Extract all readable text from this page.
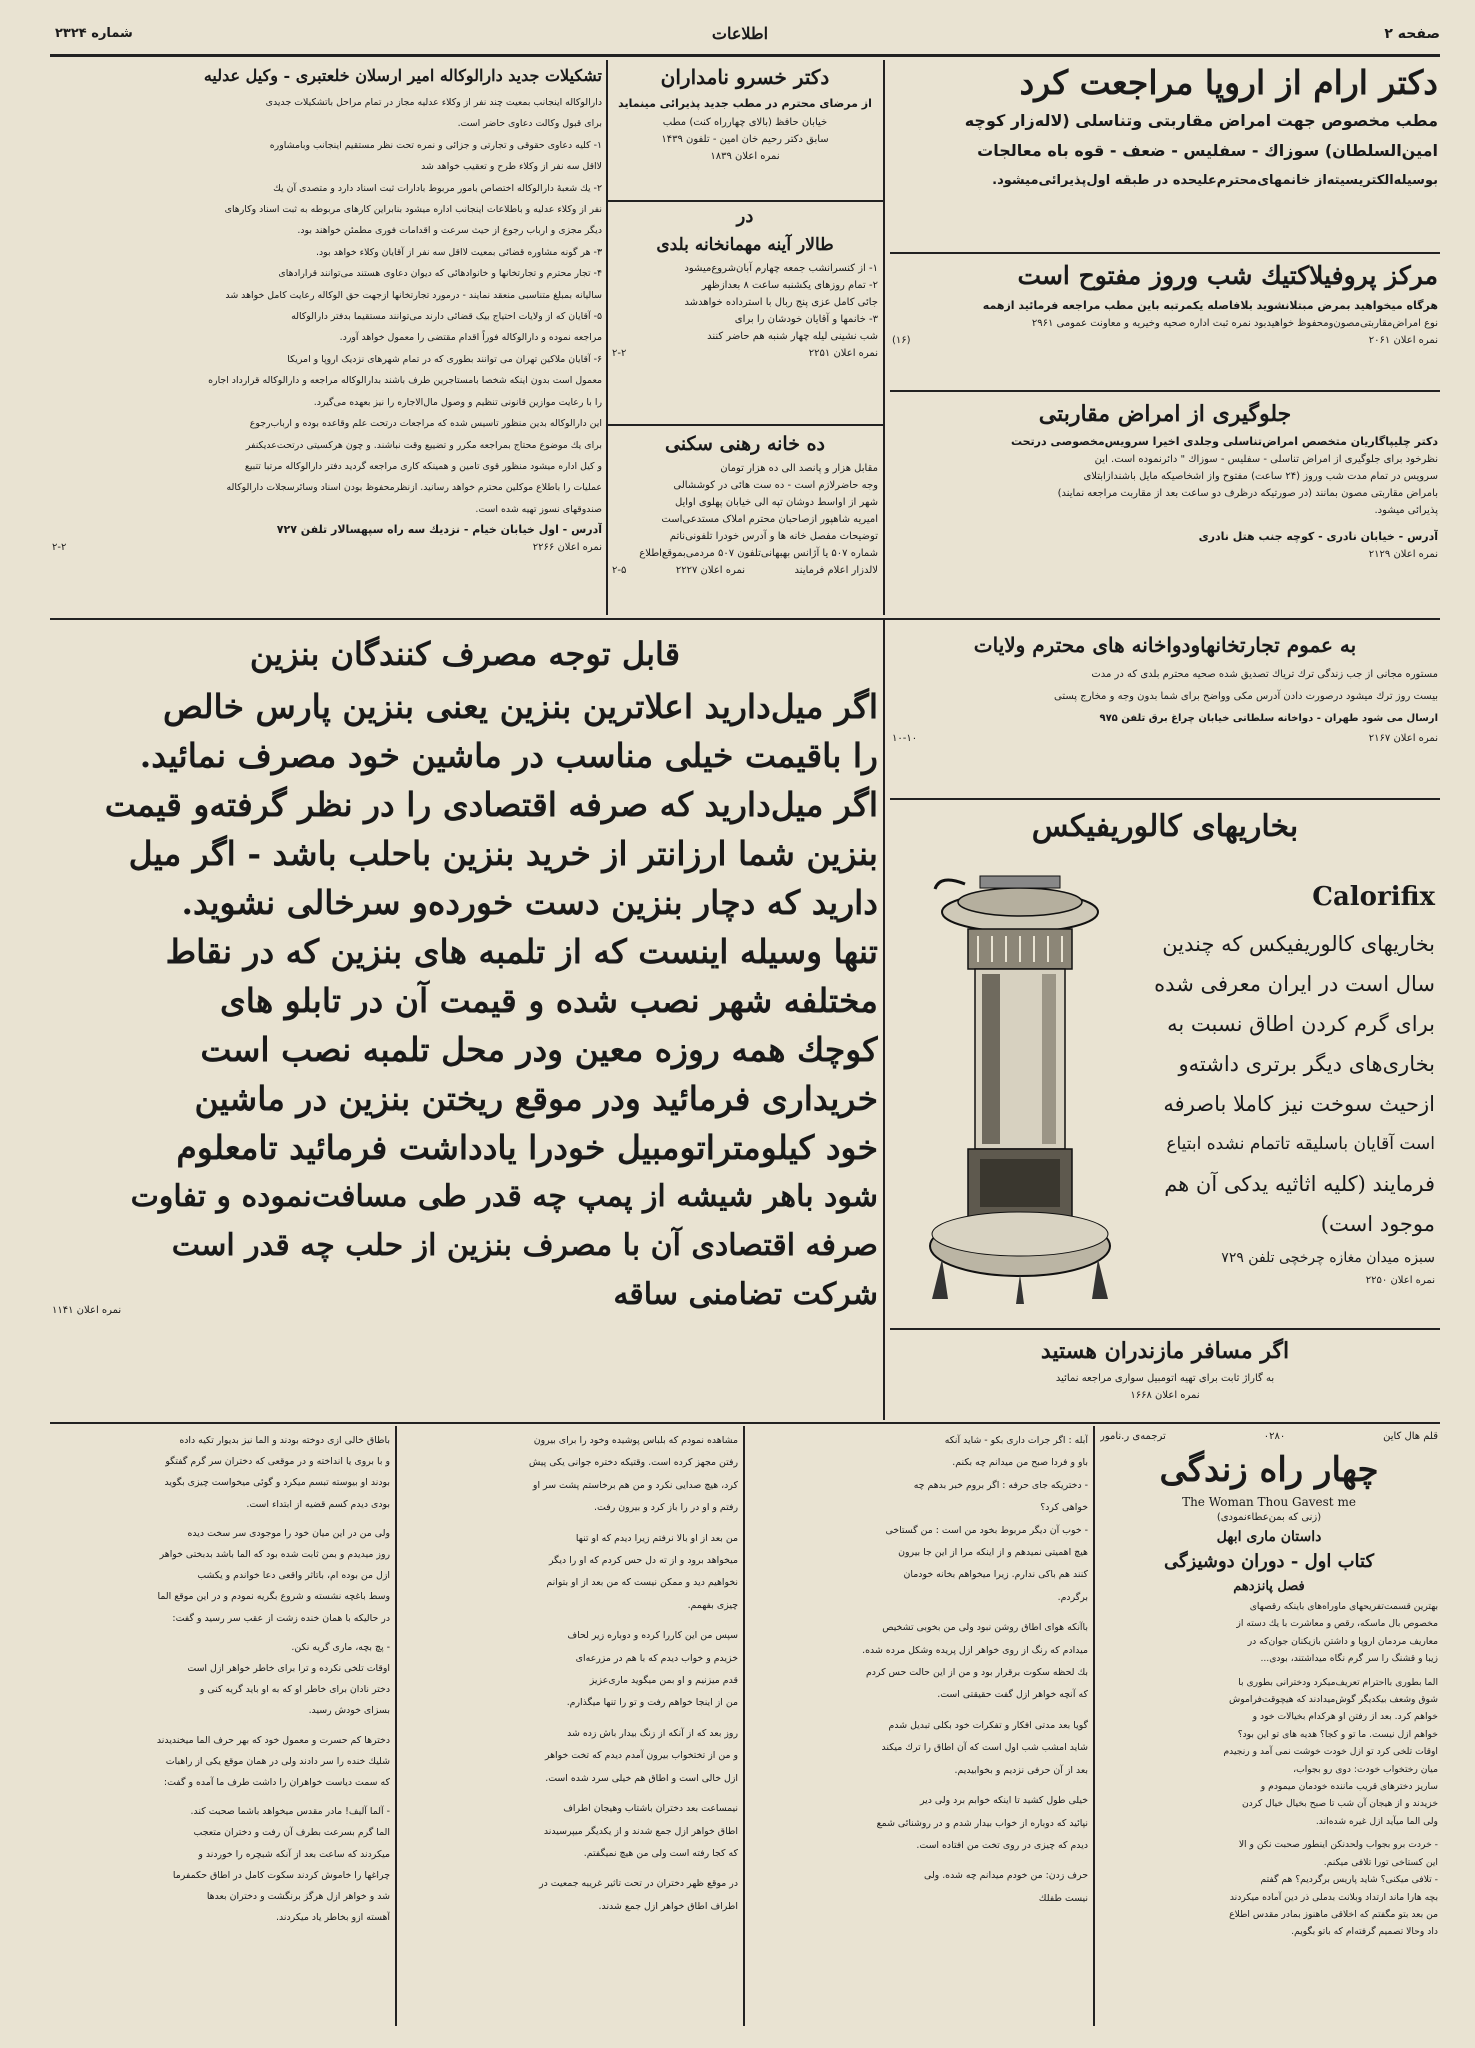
صفحه ۲
اطلاعات
شماره ۲۳۲۴
دکتر ارام از اروپا مراجعت کرد
مطب مخصوص جهت امراض مقاربتی وتناسلی (لاله‌زار کوچه
امین‌السلطان) سوزاك - سفلیس - ضعف - قوه باه معالجات
بوسیله‌الکتریسیته‌از خانمهای‌محترم‌علیحده در طبقه اول‌پذیرائی‌میشود.
مرکز پروفیلاکتیك شب وروز مفتوح است
هرگاه میخواهید بمرض مبتلانشوید بلافاصله یکمرتبه باین مطب مراجعه فرمائید ازهمه
نوع امراض‌مقاربتی‌مصون‌ومحفوظ خواهیدبود نمره ثبت اداره صحیه وخیریه و معاونت عمومی ۲۹۶۱
نمره اعلان ۲۰۶۱
(۱۶)
جلوگیری از امراض مقاربتی
دکتر چلیپاگاریان متخصص امراض‌تناسلی وجلدی اخیرا سرویس‌مخصوصی درتحت
نظرخود برای جلوگیری از امراض تناسلی - سفلیس - سوزاك " دائرنموده است. این
سرویس در تمام مدت شب وروز (۲۴ ساعت) مفتوح واز اشخاصیکه مایل باشند‌ازابتلای
بامراض مقاربتی مصون بمانند (در صورتیکه درظرف دو ساعت بعد از مقاربت مراجعه نمایند)
پذیرائی میشود.
آدرس - خیابان نادری - کوچه جنب هتل نادری
نمره اعلان ۲۱۲۹
دکتر خسرو نامداران
از مرضای محترم در مطب جدید پذیرائی مینماید
خیابان حافظ (بالای چهارراه کنت) مطب
سابق دکتر رحیم خان امین - تلفون ۱۴۳۹
نمره اعلان ۱۸۳۹
در
طالار آینه مهمانخانه بلدی
۱- از کنسرانشب جمعه چهارم آبان‌شروع‌میشود
۲- تمام روزهای یکشنبه ساعت ۸ بعدازظهر
جائی کامل عزی پنج ربال با استرداده خواهدشد
۳- خانمها و آقایان خودشان را برای
شب نشینی لیله چهار شنبه هم حاضر کنند
نمره اعلان ۲۲۵۱
۲-۲
ده خانه رهنی سکنی
مقابل هزار و پانصد الی ده هزار تومان
وجه حاضرلازم است - ده ست هائی در کوششالی
شهر از اواسط دوشان تپه الی خیابان پهلوی اوایل
امیریه شاهپور ازصاحبان محترم املاک مستدعی‌است
توضیحات مفصل خانه ها و آدرس خودرا تلفونی‌ناتم
شماره ۵۰۷ یا آژانس بهبهانی‌تلفون ۵۰۷ مردمی‌بموقع‌اطلاع
لالدزار اعلام فرمایند
نمره اعلان ۲۲۲۷
۲-۵
تشکیلات جدید دارالوکاله امیر ارسلان خلعتبری - وکیل عدلیه
دارالوکاله اینجانب بمعیت چند نفر از وکلاء عدلیه مجاز در تمام مراحل باتشکیلات جدیدی
برای قبول وکالت دعاوی حاضر است.
۱- کلیه دعاوی حقوقی و تجارتی و جزائی و نمره تحت نظر مستقیم اینجانب وبامشاوره
لااقل سه نفر از وکلاء طرح و تعقیب خواهد شد
۲- یك شعبهٔ دارالوکاله اختصاص بامور مربوط بادارات ثبت اسناد دارد و متصدی آن یك
نفر از وکلاء عدلیه و باطلاعات اینجانب اداره میشود بنابراین کارهای مربوطه به ثبت اسناد وکارهای
دیگر مجزی و ارباب رجوع از حیث سرعت و اقدامات فوری مطمئن خواهند بود.
۳- هر گونه مشاوره قضائی بمعیت لااقل سه نفر از آقایان وکلاء خواهد بود.
۴- تجار محترم و تجارتخانها و خانوادهائی که دیوان دعاوی هستند می‌توانند قرارادهای
سالیانه بمبلغ متناسبی منعقد نمایند - درمورد تجارتخانها ازجهت حق الوکاله رعایت کامل خواهد شد
۵- آقایان که از ولایات احتیاج بیک قضائی دارند می‌توانند مستقیما بدفتر دارالوکاله
مراجعه نموده و دارالوکاله فوراً اقدام مقتضی را معمول خواهد آورد.
۶- آقایان ملاکین تهران می توانند بطوری که در تمام شهرهای نزدیک اروپا و امریکا
معمول است بدون اینکه شخصا بامستاجرین طرف باشند بدارالوکاله مراجعه و دارالوکاله قرارداد اجاره
را با رعایت موازین قانونی تنظیم و وصول مال‌الاجاره را نیز بعهده می‌گیرد.
این دارالوکاله بدین منظور تاسیس شده که مراجعات درتحت علم وقاعده بوده و ارباب‌رجوع
برای یك موضوع محتاج بمراجعه مکرر و تضییع وقت نباشند. و چون هرکسیتی درتحت‌عدیکنفر
و کیل اداره میشود منظور قوی تامین و همینکه کاری مراجعه گردید دفتر دارالوکاله مرتبا تتبیع
عملیات را باطلاع موکلین محترم خواهد رسانید. ازنظر‌محفوظ بودن اسناد وسائر‌سجلات دارالوکاله
صندوقهای نسوز تهیه شده است.
آدرس - اول خیابان خیام - نزدیك سه راه سپهسالار تلفن ۷۲۷
نمره اعلان ۲۲۶۶
۲-۲
قابل توجه مصرف کنندگان بنزین
اگر میل‌دارید اعلاترین بنزین یعنی بنزین پارس خالص
را باقیمت خیلی مناسب در ماشین خود مصرف نمائید.
اگر میل‌دارید که صرفه اقتصادی را در نظر گرفته‌و قیمت
بنزین شما ارزانتر از خرید بنزین باحلب باشد - اگر میل
دارید که دچار بنزین دست خورده‌و سرخالی نشوید.
تنها وسیله اینست که از تلمبه های بنزین که در نقاط
مختلفه شهر نصب شده و قیمت آن در تابلو های
کوچك همه روزه معین ودر محل تلمبه نصب است
خریداری فرمائید ودر موقع ریختن بنزین در ماشین
خود کیلومتراتومبیل خودرا یادداشت فرمائید تامعلوم
شود باهر شیشه از پمپ چه قدر طی مسافت‌نموده و تفاوت
صرفه اقتصادی آن با مصرف بنزین از حلب چه قدر است
شرکت تضامنی ساقه
نمره اعلان ۱۱۴۱
به عموم تجارتخانها‌ودواخانه های محترم ولایات
مستوره مجانی از جب زندگی ترك تریاك تصدیق شده صحیه محترم بلدی که در مدت
بیست روز ترك میشود درصورت دادن آدرس مکی وواضح برای شما بدون وجه و مخارج پستی
ارسال می شود طهران - دواخانه سلطانی خیابان چراغ برق تلفن ۹۷۵
نمره اعلان ۲۱۶۷
۱۰-۱۰
بخاریهای کالوریفیکس
Calorifix
بخاریهای کالوریفیکس که چندین
سال است در ایران معرفی شده
برای گرم کردن اطاق نسبت به
بخاری‌های دیگر برتری داشته‌و
ازحیث سوخت نیز کاملا باصرفه
است آقایان باسلیقه تاتمام نشده ابتیاع
فرمایند (کلیه اثاثیه یدکی آن هم
موجود است)
سبزه میدان مغازه چرخچی تلفن ۷۲۹
نمره اعلان ۲۲۵۰
اگر مسافر مازندران هستید
به گاراژ ثابت برای تهیه اتومبیل سواری مراجعه نمائید
نمره اعلان ۱۶۶۸
قلم هال کاین
۰۲۸۰
ترجمه‌ی ر.نامور
چهار راه زندگی
The Woman Thou Gavest me
(زنی که بمن‌عطاءنمودی)
داستان ماری ابهل
کتاب اول - دوران دوشیزگی
فصل پانزدهم
بهترین قسمت‌تفریحهای ماوراه‌های باینکه رقصهای
مخصوص بال ماسکه، رقص و معاشرت با یك دسته از
معاریف مردمان اروپا و داشتن بازیکنان جوان‌که در
زیبا و قشنگ را سر گرم نگاه میداشتند، بودی...
الما بطوری بااحترام تعریف‌میکرد ودخترانی بطوری با
شوق وشعف بیکدیگر گوش‌میدادند که هیچوقت‌فراموش
خواهم کرد. بعد از رفتن او هرکدام بخیالات خود و
خواهم ازل نیست. ما تو و کجا؟ هدیه های تو این بود؟
اوقات تلخی کرد تو ازل خودت خوشت نمی آمد و رنجیدم
میان رختخواب خودت: دوی رو بجواب،
ساریز دخترهای قریب ماننده خودمان میمودم و
خزیدند و از هیجان آن شب تا صبح بخیال خیال کردن
ولی الما میآید ازل غیره شده‌اند.
- خردت برو بجواب ولحدنکن اینطور صحبت نکن و الا
این کستاخی تورا تلافی میکنم.
- تلافی میکنی؟ شاید پاریس برگردیم؟ هم گفتم
بچه هارا ماند ارتداد وبلانت بدملی ذر دین آماده میکردند
من بعد بتو مگفتم که اخلاقی ماهنوز بمادر مقدس اطلاع
داد وحالا تصمیم گرفته‌ام که باتو بگویم.
آبله : اگر جرات داری بکو - شاید آنکه
باو و فردا صبح من میدانم چه بکنم.
- دختریکه جای حرفه : اگر بروم خبر بدهم چه
خواهی کرد؟
- خوب آن دیگر مربوط بخود من است : من گستاخی
هیچ اهمیتی نمیدهم و از اینکه مرا از این جا بیرون
کنند هم باکی ندارم. زیرا میخواهم بخانه خودمان
برگردم.
باآنکه هوای اطاق روشن نبود ولی من بخوبی تشخیص
میدادم که رنگ از روی خواهر ازل پریده وشکل مرده شده.
بك لحظه سکوت برقرار بود و من از این حالت حس کردم
که آنچه خواهر ازل گفت حقیقتی است.
گویا بعد مدتی افکار و تفکرات خود بکلی تبدیل شدم
شاید امشب شب اول است که آن اطاق را ترك میکند
بعد از آن حرفی نزدیم و بخوابیدیم.
خیلی طول کشید تا اینکه خوابم برد ولی دیر
نپائید که دوباره از خواب بیدار شدم و در روشنائی شمع
دیدم که چیزی در روی تخت من افتاده است.
حرف زدن: من خودم میدانم چه شده. ولی
نیست طفلك
مشاهده نمودم که بلباس پوشیده وخود را برای بیرون
رفتن مجهز کرده است. وقتیکه دختره جوانی یکی پیش
کرد، هیچ صدایی نکرد و من هم برخاستم پشت سر او
رفتم و او در را باز کرد و بیرون رفت.
من بعد از او بالا نرفتم زیرا دیدم که او تنها
میخواهد برود و از ته دل حس کردم که او را دیگر
نخواهیم دید و ممکن نیست که من بعد از او بتوانم
چیزی بفهمم.
سپس من این کاررا کرده و دوباره زیر لحاف
خزیدم و خواب دیدم که با هم در مزرعه‌ای
قدم میزنیم و او بمن میگوید ماری‌عزیز
من از اینجا خواهم رفت و تو را تنها میگذارم.
روز بعد که از آنکه از زنگ بیدار باش زده شد
و من از تختخواب بیرون آمدم دیدم که تخت خواهر
ازل خالی است و اطاق هم خیلی سرد شده است.
نیمساعت بعد دختران باشتاب وهیجان اطراف
اطاق خواهر ازل جمع شدند و از یکدیگر میپرسیدند
که کجا رفته است ولی من هیچ نمیگفتم.
در موقع ظهر دختران در تحت تاثیر غریبه جمعیت در
اطراف اطاق خواهر ازل جمع شدند.
باطاق خالی ازی دوخته بودند و الما نیز بدیوار تکیه داده
و با بروی یا انداخته و در موقعی که دختران سر گرم گفتگو
بودند او بیوسته تبسم میکرد و گوئی میخواست چیزی بگوید
بودی دیدم کسم قضیه از ابتداء است.
ولی من در این میان خود را موجودی سر سخت دیده
روز میدیدم و بمن ثابت شده بود که الما باشد بدبختی خواهر
ازل من بوده ام، باتاثر واقعی دعا خواندم و یکشب
وسط باغچه نشسته و شروع بگریه نمودم و در این موقع الما
در حالیکه با همان خنده زشت از عقب سر رسید و گفت:
- پچ بچه، ماری گریه نکن.
اوقات تلخی نکرده و ترا برای خاطر خواهر ازل است
دختر نادان برای خاطر او که به او باید گریه کنی و
بسزای خودش رسید.
دخترها کم حسرت و معمول خود که بهر حرف الما میخندیدند
شلیك خنده را سر دادند ولی در همان موقع یکی از راهبات
که سمت دیاست خواهران را داشت طرف ما آمده و گفت:
- آلما آلیف! مادر مقدس میخواهد باشما صحبت کند.
الما گرم بسرعت بطرف آن رفت و دختران متعجب
میکردند که ساعت بعد از آنکه شبچره را خوردند و
چراغها را خاموش کردند سکوت کامل در اطاق حکمفرما
شد و خواهر ازل هرگز برنگشت و دختران بعدها
آهسته ازو بخاطر یاد میکردند.
